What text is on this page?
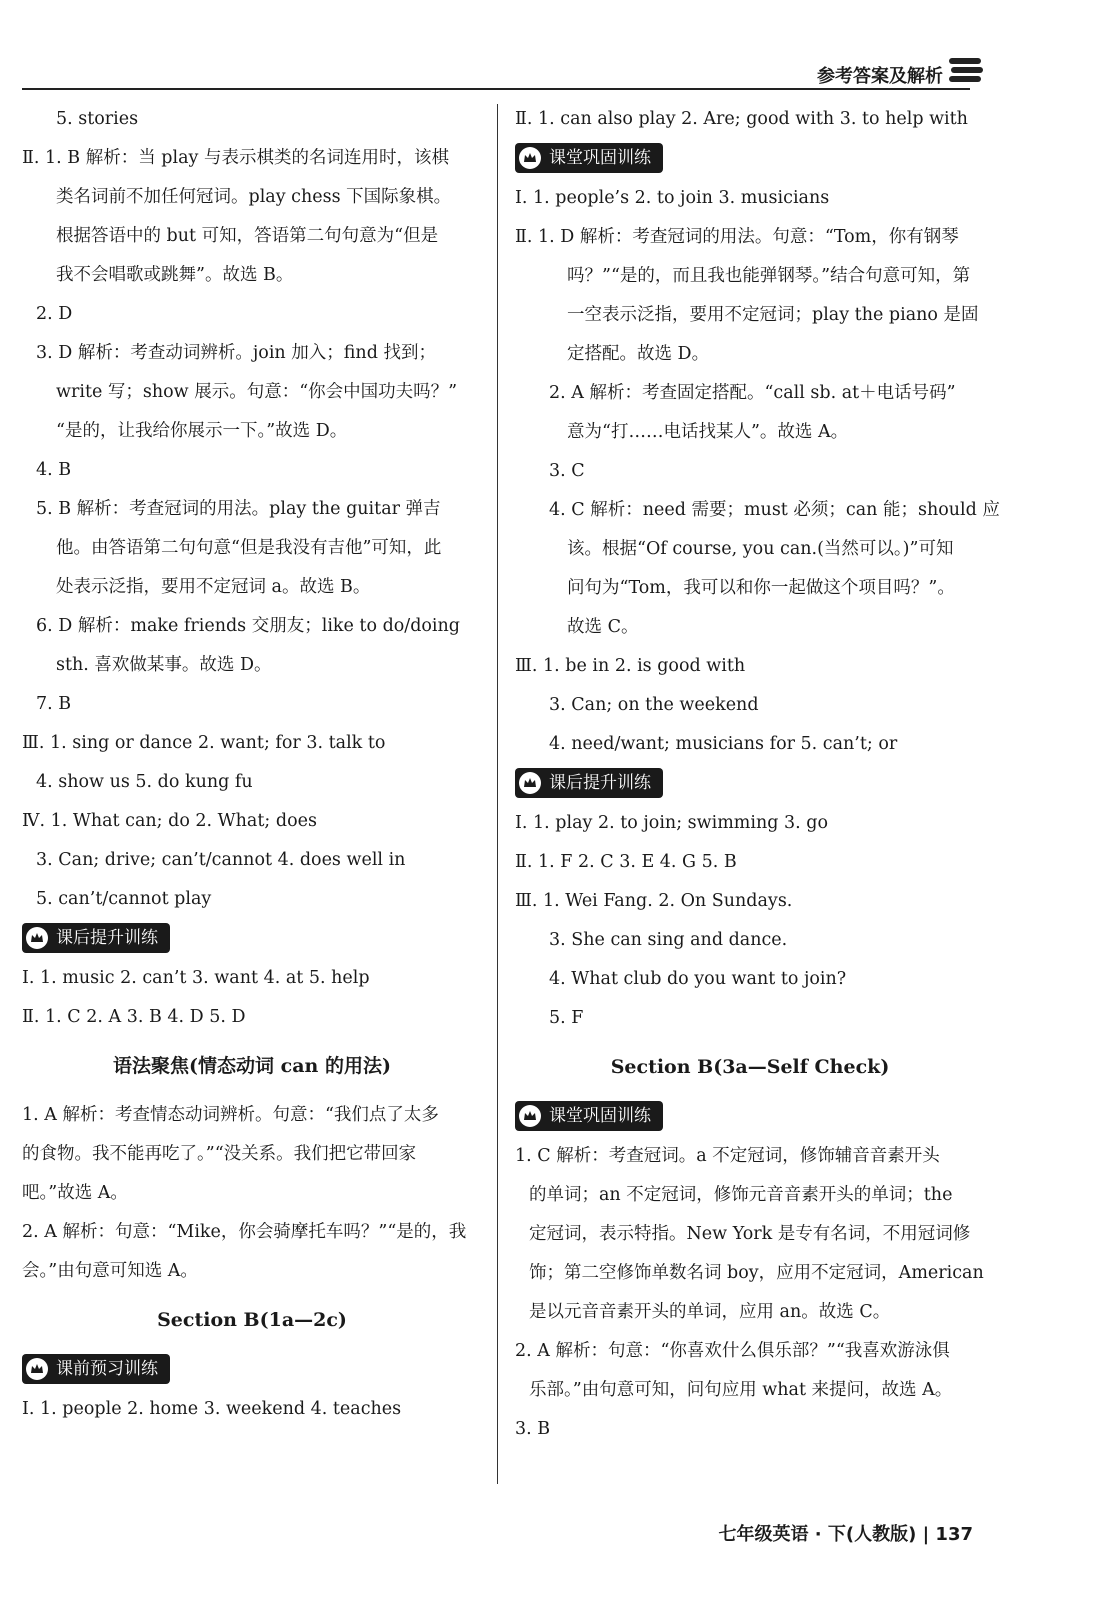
参考答案及解析
5. stories
Ⅱ. 1. B 解析：当 play 与表示棋类的名词连用时，该棋
类名词前不加任何冠词。play chess 下国际象棋。
根据答语中的 but 可知，答语第二句句意为“但是
我不会唱歌或跳舞”。故选 B。
2. D
3. D 解析：考查动词辨析。join 加入；find 找到；
write 写；show 展示。句意：“你会中国功夫吗？”
“是的，让我给你展示一下。”故选 D。
4. B
5. B 解析：考查冠词的用法。play the guitar 弹吉
他。由答语第二句句意“但是我没有吉他”可知，此
处表示泛指，要用不定冠词 a。故选 B。
6. D 解析：make friends 交朋友；like to do/doing
sth. 喜欢做某事。故选 D。
7. B
Ⅲ. 1. sing or dance 2. want; for 3. talk to
4. show us 5. do kung fu
Ⅳ. 1. What can; do 2. What; does
3. Can; drive; can’t/cannot 4. does well in
5. can’t/cannot play
课后提升训练
Ⅰ. 1. music 2. can’t 3. want 4. at 5. help
Ⅱ. 1. C 2. A 3. B 4. D 5. D
语法聚焦(情态动词 can 的用法)
1. A 解析：考查情态动词辨析。句意：“我们点了太多
的食物。我不能再吃了。”“没关系。我们把它带回家
吧。”故选 A。
2. A 解析：句意：“Mike，你会骑摩托车吗？”“是的，我
会。”由句意可知选 A。
Section B(1a—2c)
课前预习训练
Ⅰ. 1. people 2. home 3. weekend 4. teaches
Ⅱ. 1. can also play 2. Are; good with 3. to help with
课堂巩固训练
Ⅰ. 1. people’s 2. to join 3. musicians
Ⅱ. 1. D 解析：考查冠词的用法。句意：“Tom，你有钢琴
吗？”“是的，而且我也能弹钢琴。”结合句意可知，第
一空表示泛指，要用不定冠词；play the piano 是固
定搭配。故选 D。
2. A 解析：考查固定搭配。“call sb. at＋电话号码”
意为“打……电话找某人”。故选 A。
3. C
4. C 解析：need 需要；must 必须；can 能；should 应
该。根据“Of course, you can.(当然可以。)”可知
问句为“Tom，我可以和你一起做这个项目吗？”。
故选 C。
Ⅲ. 1. be in 2. is good with
3. Can; on the weekend
4. need/want; musicians for 5. can’t; or
课后提升训练
Ⅰ. 1. play 2. to join; swimming 3. go
Ⅱ. 1. F 2. C 3. E 4. G 5. B
Ⅲ. 1. Wei Fang. 2. On Sundays.
3. She can sing and dance.
4. What club do you want to join?
5. F
Section B(3a—Self Check)
课堂巩固训练
1. C 解析：考查冠词。a 不定冠词，修饰辅音音素开头
的单词；an 不定冠词，修饰元音音素开头的单词；the
定冠词，表示特指。New York 是专有名词，不用冠词修
饰；第二空修饰单数名词 boy，应用不定冠词，American
是以元音音素开头的单词，应用 an。故选 C。
2. A 解析：句意：“你喜欢什么俱乐部？”“我喜欢游泳俱
乐部。”由句意可知，问句应用 what 来提问，故选 A。
3. B
七年级英语 · 下(人教版) | 137
